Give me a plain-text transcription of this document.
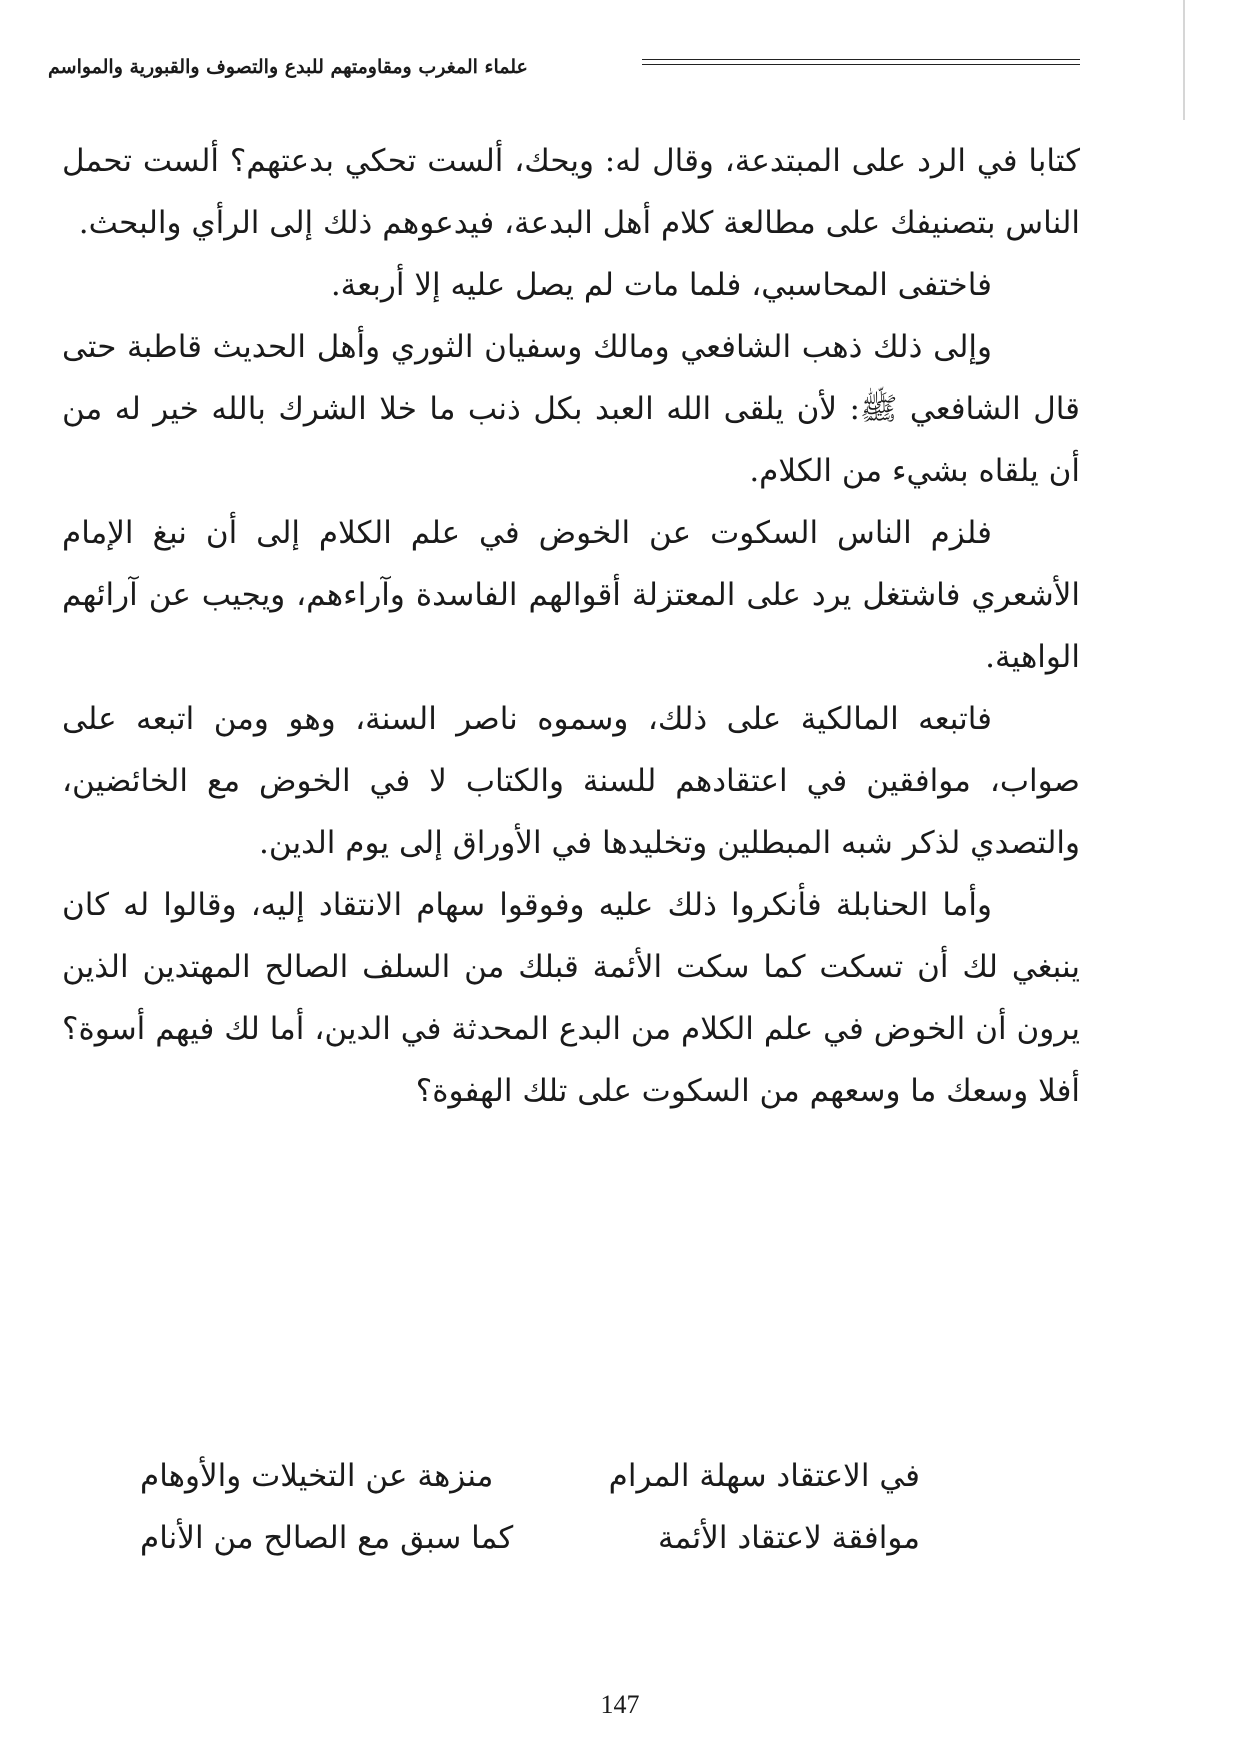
علماء المغرب ومقاومتهم للبدع والتصوف والقبورية والمواسم

كتابا في الرد على المبتدعة، وقال له: ويحك، ألست تحكي بدعتهم؟ ألست تحمل الناس بتصنيفك على مطالعة كلام أهل البدعة، فيدعوهم ذلك إلى الرأي والبحث.

فاختفى المحاسبي، فلما مات لم يصل عليه إلا أربعة.

وإلى ذلك ذهب الشافعي ومالك وسفيان الثوري وأهل الحديث قاطبة حتى قال الشافعي ﷺ: لأن يلقى الله العبد بكل ذنب ما خلا الشرك بالله خير له من أن يلقاه بشيء من الكلام.

فلزم الناس السكوت عن الخوض في علم الكلام إلى أن نبغ الإمام الأشعري فاشتغل يرد على المعتزلة أقوالهم الفاسدة وآراءهم، ويجيب عن آرائهم الواهية.

فاتبعه المالكية على ذلك، وسموه ناصر السنة، وهو ومن اتبعه على صواب، موافقين في اعتقادهم للسنة والكتاب لا في الخوض مع الخائضين، والتصدي لذكر شبه المبطلين وتخليدها في الأوراق إلى يوم الدين.

وأما الحنابلة فأنكروا ذلك عليه وفوقوا سهام الانتقاد إليه، وقالوا له كان ينبغي لك أن تسكت كما سكت الأئمة قبلك من السلف الصالح المهتدين الذين يرون أن الخوض في علم الكلام من البدع المحدثة في الدين، أما لك فيهم أسوة؟ أفلا وسعك ما وسعهم من السكوت على تلك الهفوة؟

في الاعتقاد سهلة المرام
منزهة عن التخيلات والأوهام
موافقة لاعتقاد الأئمة
كما سبق مع الصالح من الأنام
147
